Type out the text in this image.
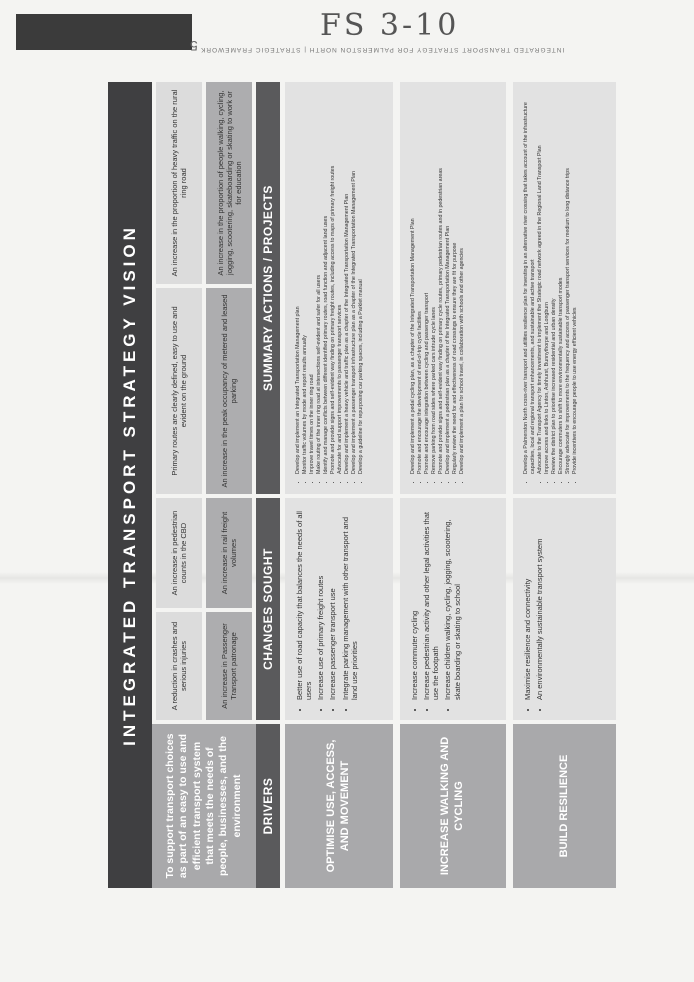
FS 3-10
5 INTEGRATED TRANSPORT STRATEGY FOR PALMERSTON NORTH | STRATEGIC FRAMEWORK
INTEGRATED TRANSPORT STRATEGY VISION
To support transport choices as part of an easy to use and efficient transport system that meets the needs of people, businesses, and the environment
A reduction in crashes and serious injuries	An increase in Passenger Transport patronage
An increase in pedestrian counts in the CBD	An increase in rail freight volumes
Primary routes are clearly defined, easy to use and evident on the ground	An increase in the peak occupancy of metered and leased parking
An increase in the proportion of heavy traffic on the rural ring road	An increase in the proportion of people walking, cycling, jogging, scootering, skateboarding or skating to work or for education
DRIVERS
CHANGES SOUGHT
SUMMARY ACTIONS / PROJECTS
OPTIMISE USE, ACCESS, AND MOVEMENT
• Better use of road capacity that balances the needs of all users • Increase use of primary freight routes • Increase passenger transport use • Integrate parking management with other transport and land use priorities
• Develop and implement an Integrated Transportation Management plan • Monitor traffic volumes by mode and report results annually • Improve travel times on the inner ring road • Make routing of the inner ring road at intersections self-evident and safer for all users • Identify and manage conflicts between different identified primary routes, road function and adjacent land uses • Promote and provide signs and self-evident way finding on primary freight routes, including access to maps of primary freight routes • Advocate for and support improvements to passenger transport services • Develop and implement a heavy vehicle and traffic plan as a chapter of the Integrated Transportation Management Plan • Develop and implement a passenger transport infrastructure plan as a chapter of the Integrated Transportation Management Plan • Develop a guideline for repurposing car parking spaces, including a Parklet manual
INCREASE WALKING AND CYCLING
• Increase commuter cycling • Increase pedestrian activity and other legal activities that use the footpath • Increase children walking, cycling, jogging, scootering, skate boarding or skating to school
• Develop and implement a pedal cycling plan, as a chapter of the Integrated Transportation Management Plan • Promote and encourage the development of end-of-trip cycle facilities • Promote and encourage integration between cycling and passenger transport • Remove parking from road sides where parked cars intrude cycle lanes • Promote and provide signs and self-evident way finding on primary cycle routes, primary pedestrian routes and in pedestrian areas • Develop and implement a pedestrian plan as a chapter of the Integrated Transportation Management Plan • Regularly review the need for and effectiveness of road crossings to ensure they are fit for purpose • Develop and implement a plan for school travel, in collaboration with schools and other agencies
BUILD RESILIENCE
• Maximise resilience and connectivity • An environmentally sustainable transport system
• Develop a Palmerston North cross-river transport and utilities resilience plan for investing in an alternative river crossing that takes account of the infrastructure capacities, local and regional transport enhancements, and sustainable and active transport • Advocate to the Transport Agency for timely investment to implement the Strategic road network agreed in the Regional Land Transport Plan • Improve access and links to Linton, Ashhurst, Bunnythorpe and Longburn • Review the district plan to prioritise increased residential and urban density • Encourage commuters to shift to more environmentally sustainable transport modes • Strongly advocate for improvements to the frequency and access of passenger transport services for medium to long distance trips • Provide incentives to encourage people to use energy efficient vehicles
